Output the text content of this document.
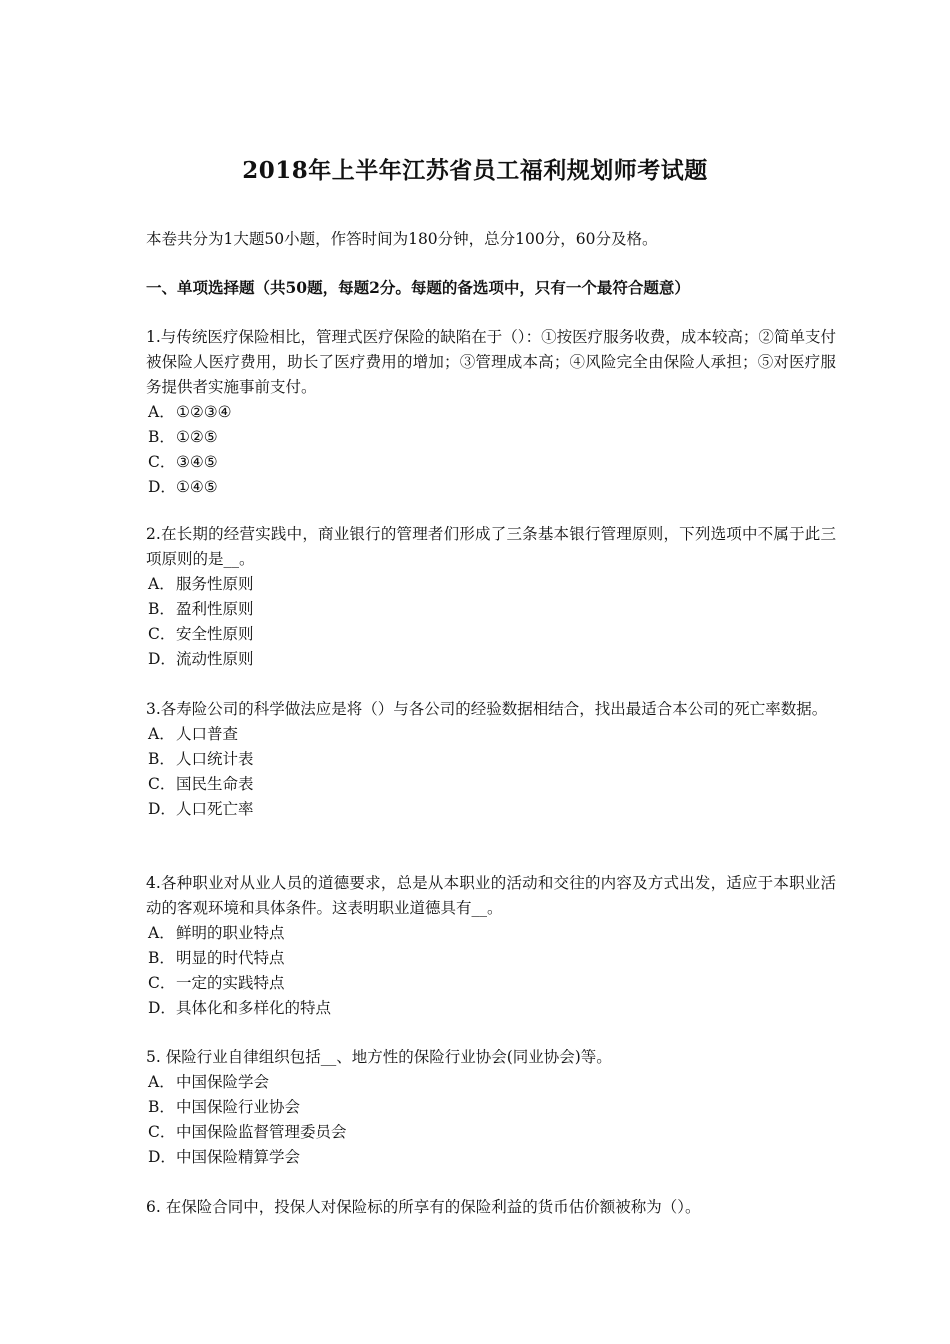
2018年上半年江苏省员工福利规划师考试题
本卷共分为1大题50小题，作答时间为180分钟，总分100分，60分及格。
一、单项选择题（共50题，每题2分。每题的备选项中，只有一个最符合题意）

1.与传统医疗保险相比，管理式医疗保险的缺陷在于（）：①按医疗服务收费，成本较高；②简单支付被保险人医疗费用，助长了医疗费用的增加；③管理成本高；④风险完全由保险人承担；⑤对医疗服务提供者实施事前支付。

A．①②③④
B．①②⑤
C．③④⑤
D．①④⑤

2.在长期的经营实践中，商业银行的管理者们形成了三条基本银行管理原则，下列选项中不属于此三项原则的是__。

A．服务性原则
B．盈利性原则
C．安全性原则
D．流动性原则

3.各寿险公司的科学做法应是将（）与各公司的经验数据相结合，找出最适合本公司的死亡率数据。

A．人口普查
B．人口统计表
C．国民生命表
D．人口死亡率

4.各种职业对从业人员的道德要求，总是从本职业的活动和交往的内容及方式出发，适应于本职业活动的客观环境和具体条件。这表明职业道德具有__。

A．鲜明的职业特点
B．明显的时代特点
C．一定的实践特点
D．具体化和多样化的特点

5. 保险行业自律组织包括__、地方性的保险行业协会(同业协会)等。

A．中国保险学会
B．中国保险行业协会
C．中国保险监督管理委员会
D．中国保险精算学会

6. 在保险合同中，投保人对保险标的所享有的保险利益的货币估价额被称为（）。
